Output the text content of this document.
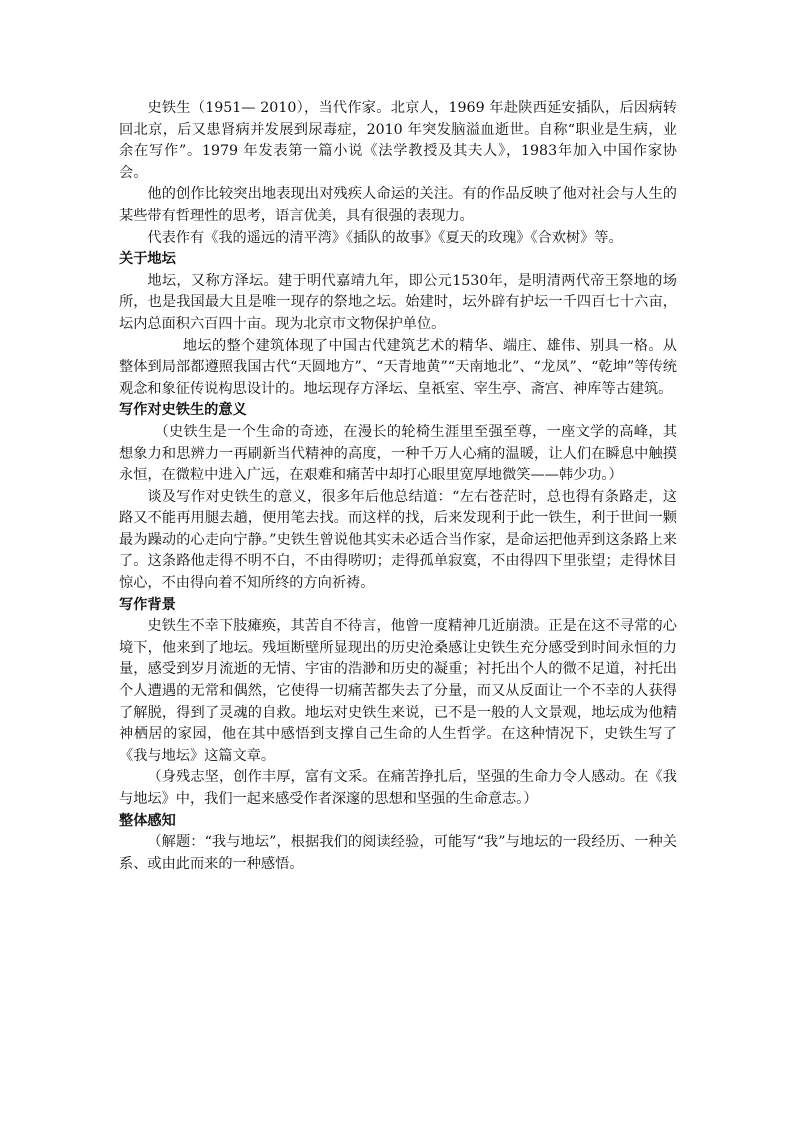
史铁生（1951— 2010），当代作家。北京人，1969 年赴陕西延安插队，后因病转回北京，后又患肾病并发展到尿毒症，2010 年突发脑溢血逝世。自称“职业是生病，业余在写作”。1979 年发表第一篇小说《法学教授及其夫人》，1983年加入中国作家协会。

他的创作比较突出地表现出对残疾人命运的关注。有的作品反映了他对社会与人生的某些带有哲理性的思考，语言优美，具有很强的表现力。

代表作有《我的遥远的清平湾》《插队的故事》《夏天的玫瑰》《合欢树》等。

关于地坛

地坛，又称方泽坛。建于明代嘉靖九年，即公元1530年，是明清两代帝王祭地的场所，也是我国最大且是唯一现存的祭地之坛。始建时，坛外辟有护坛一千四百七十六亩，坛内总面积六百四十亩。现为北京市文物保护单位。

地坛的整个建筑体现了中国古代建筑艺术的精华、端庄、雄伟、别具一格。从整体到局部都遵照我国古代“天圆地方”、“天青地黄”“天南地北”、“龙凤”、“乾坤”等传统观念和象征传说构思设计的。地坛现存方泽坛、皇祇室、宰生亭、斋宫、神库等古建筑。

写作对史铁生的意义

（史铁生是一个生命的奇迹，在漫长的轮椅生涯里至强至尊，一座文学的高峰，其想象力和思辨力一再刷新当代精神的高度，一种千万人心痛的温暖，让人们在瞬息中触摸永恒，在微粒中进入广远，在艰难和痛苦中却打心眼里宽厚地微笑——韩少功。）

谈及写作对史铁生的意义，很多年后他总结道：“左右苍茫时，总也得有条路走，这路又不能再用腿去趟，便用笔去找。而这样的找，后来发现利于此一铁生，利于世间一颗最为躁动的心走向宁静。”史铁生曾说他其实未必适合当作家，是命运把他弄到这条路上来了。这条路他走得不明不白，不由得唠叨；走得孤单寂寞，不由得四下里张望；走得怵目惊心，不由得向着不知所终的方向祈祷。

写作背景

史铁生不幸下肢瘫痪，其苦自不待言，他曾一度精神几近崩溃。正是在这不寻常的心境下，他来到了地坛。残垣断壁所显现出的历史沧桑感让史铁生充分感受到时间永恒的力量，感受到岁月流逝的无情、宇宙的浩渺和历史的凝重；衬托出个人的微不足道，衬托出个人遭遇的无常和偶然，它使得一切痛苦都失去了分量，而又从反面让一个不幸的人获得了解脱，得到了灵魂的自救。地坛对史铁生来说，已不是一般的人文景观，地坛成为他精神栖居的家园，他在其中感悟到支撑自己生命的人生哲学。在这种情况下，史铁生写了《我与地坛》这篇文章。

（身残志坚，创作丰厚，富有文采。在痛苦挣扎后，坚强的生命力令人感动。在《我与地坛》中，我们一起来感受作者深邃的思想和坚强的生命意志。）

整体感知

（解题：“我与地坛”，根据我们的阅读经验，可能写“我”与地坛的一段经历、一种关系、或由此而来的一种感悟。
